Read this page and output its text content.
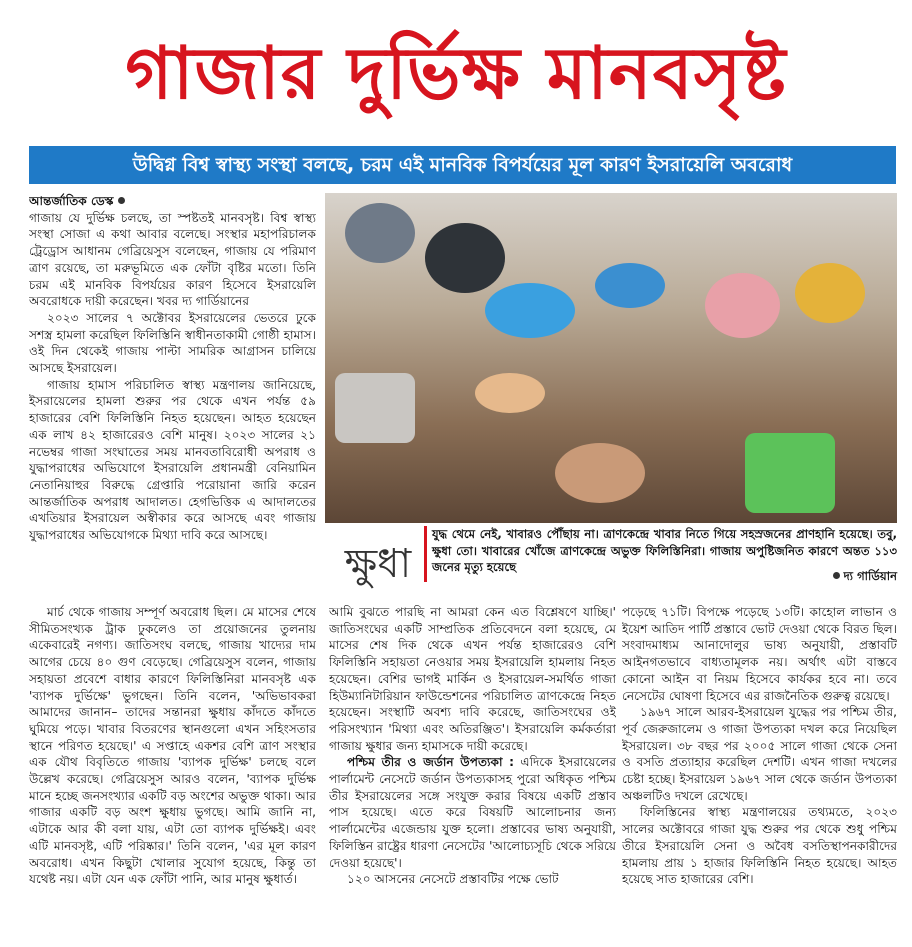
গাজার দুর্ভিক্ষ মানবসৃষ্ট
উদ্বিগ্ন বিশ্ব স্বাস্থ্য সংস্থা বলছে, চরম এই মানবিক বিপর্যয়ের মূল কারণ ইসরায়েলি অবরোধ

আন্তর্জাতিক ডেস্ক

গাজায় যে দুর্ভিক্ষ চলছে, তা স্পষ্টতই মানবসৃষ্ট। বিশ্ব স্বাস্থ্য সংস্থা সোজা এ কথা আবার বলেছে। সংস্থার মহাপরিচালক ট্রেড্রোস আধানম গেব্রিয়েসুস বলেছেন, গাজায় যে পরিমাণ ত্রাণ রয়েছে, তা মরুভূমিতে এক ফোঁটা বৃষ্টির মতো। তিনি চরম এই মানবিক বিপর্যয়ের কারণ হিসেবে ইসরায়েলি অবরোধকে দায়ী করেছেন। খবর দ্য গার্ডিয়ানের

২০২৩ সালের ৭ অক্টোবর ইসরায়েলের ভেতরে ঢুকে সশস্ত্র হামলা করেছিল ফিলিস্তিনি স্বাধীনতাকামী গোষ্ঠী হামাস। ওই দিন থেকেই গাজায় পাল্টা সামরিক আগ্রাসন চালিয়ে আসছে ইসরায়েল।

গাজায় হামাস পরিচালিত স্বাস্থ্য মন্ত্রণালয় জানিয়েছে, ইসরায়েলের হামলা শুরুর পর থেকে এখন পর্যন্ত ৫৯ হাজারের বেশি ফিলিস্তিনি নিহত হয়েছেন। আহত হয়েছেন এক লাখ ৪২ হাজারেরও বেশি মানুষ। ২০২৩ সালের ২১ নভেম্বর গাজা সংঘাতের সময় মানবতাবিরোধী অপরাধ ও যুদ্ধাপরাধের অভিযোগে ইসরায়েলি প্রধানমন্ত্রী বেনিয়ামিন নেতানিয়াহুর বিরুদ্ধে গ্রেপ্তারি পরোয়ানা জারি করেন আন্তর্জাতিক অপরাধ আদালত। হেগভিত্তিক এ আদালতের এখতিয়ার ইসরায়েল অস্বীকার করে আসছে এবং গাজায় যুদ্ধাপরাধের অভিযোগকে মিথ্যা দাবি করে আসছে।

মার্চ থেকে গাজায় সম্পূর্ণ অবরোধ ছিল। মে মাসের শেষে সীমিতসংখ্যক ট্রাক ঢুকলেও তা প্রয়োজনের তুলনায় একেবারেই নগণ্য। জাতিসংঘ বলছে, গাজায় খাদ্যের দাম আগের চেয়ে ৪০ গুণ বেড়েছে। গেব্রিয়েসুস বলেন, গাজায় সহায়তা প্রবেশে বাধার কারণে ফিলিস্তিনিরা মানবসৃষ্ট এক 'ব্যাপক দুর্ভিক্ষে' ভুগছেন। তিনি বলেন, 'অভিভাবকরা আমাদের জানান– তাদের সন্তানরা ক্ষুধায় কাঁদতে কাঁদতে ঘুমিয়ে পড়ে। খাবার বিতরণের স্থানগুলো এখন সহিংসতার স্থানে পরিণত হয়েছে।' এ সপ্তাহে একশর বেশি ত্রাণ সংস্থার এক যৌথ বিবৃতিতে গাজায় 'ব্যাপক দুর্ভিক্ষ' চলছে বলে উল্লেখ করেছে। গেব্রিয়েসুস আরও বলেন, 'ব্যাপক দুর্ভিক্ষ মানে হচ্ছে জনসংখ্যার একটি বড় অংশের অভুক্ত থাকা। আর গাজার একটি বড় অংশ ক্ষুধায় ভুগছে। আমি জানি না, এটাকে আর কী বলা যায়, এটা তো ব্যাপক দুর্ভিক্ষই। এবং এটি মানবসৃষ্ট, এটি পরিষ্কার।' তিনি বলেন, 'এর মূল কারণ অবরোধ। এখন কিছুটা খোলার সুযোগ হয়েছে, কিন্তু তা যথেষ্ট নয়। এটা যেন এক ফোঁটা পানি, আর মানুষ ক্ষুধার্ত।

ক্ষুধা
যুদ্ধ থেমে নেই, খাবারও পৌঁছায় না। ত্রাণকেন্দ্রে খাবার নিতে গিয়ে সহস্রজনের প্রাণহানি হয়েছে। তবু, ক্ষুধা তো। খাবারের খোঁজে ত্রাণকেন্দ্রে অভুক্ত ফিলিস্তিনিরা। গাজায় অপুষ্টিজনিত কারণে অন্তত ১১৩ জনের মৃত্যু হয়েছে
দ্য গার্ডিয়ান

আমি বুঝতে পারছি না আমরা কেন এত বিশ্লেষণে যাচ্ছি।' জাতিসংঘের একটি সাম্প্রতিক প্রতিবেদনে বলা হয়েছে, মে মাসের শেষ দিক থেকে এখন পর্যন্ত হাজারেরও বেশি ফিলিস্তিনি সহায়তা নেওয়ার সময় ইসরায়েলি হামলায় নিহত হয়েছেন। বেশির ভাগই মার্কিন ও ইসরায়েল-সমর্থিত গাজা হিউম্যানিটারিয়ান ফাউন্ডেশনের পরিচালিত ত্রাণকেন্দ্রে নিহত হয়েছেন। সংস্থাটি অবশ্য দাবি করেছে, জাতিসংঘের ওই পরিসংখ্যান 'মিথ্যা এবং অতিরঞ্জিত'। ইসরায়েলি কর্মকর্তারা গাজায় ক্ষুধার জন্য হামাসকে দায়ী করেছে।

পশ্চিম তীর ও জর্ডান উপত্যকা : এদিকে ইসরায়েলের পার্লামেন্ট নেসেটে জর্ডান উপত্যকাসহ পুরো অধিকৃত পশ্চিম তীর ইসরায়েলের সঙ্গে সংযুক্ত করার বিষয়ে একটি প্রস্তাব পাস হয়েছে। এতে করে বিষয়টি আলোচনার জন্য পার্লামেন্টের এজেন্ডায় যুক্ত হলো। প্রস্তাবের ভাষ্য অনুযায়ী, ফিলিস্তিন রাষ্ট্রের ধারণা নেসেটের 'আলোচ্যসূচি থেকে সরিয়ে দেওয়া হয়েছে'।

১২০ আসনের নেসেটে প্রস্তাবটির পক্ষে ভোট

পড়েছে ৭১টি। বিপক্ষে পড়েছে ১৩টি। কাহোল লাভান ও ইয়েশ আতিদ পার্টি প্রস্তাবে ভোট দেওয়া থেকে বিরত ছিল। সংবাদমাধ্যম আনাদোলুর ভাষ্য অনুযায়ী, প্রস্তাবটি আইনগতভাবে বাধ্যতামূলক নয়। অর্থাৎ এটা বাস্তবে কোনো আইন বা নিয়ম হিসেবে কার্যকর হবে না। তবে নেসেটের ঘোষণা হিসেবে এর রাজনৈতিক গুরুত্ব রয়েছে।

১৯৬৭ সালে আরব-ইসরায়েল যুদ্ধের পর পশ্চিম তীর, পূর্ব জেরুজালেম ও গাজা উপত্যকা দখল করে নিয়েছিল ইসরায়েল। ৩৮ বছর পর ২০০৫ সালে গাজা থেকে সেনা ও বসতি প্রত্যাহার করেছিল দেশটি। এখন গাজা দখলের চেষ্টা হচ্ছে। ইসরায়েল ১৯৬৭ সাল থেকে জর্ডান উপত্যকা অঞ্চলটিও দখলে রেখেছে।

ফিলিস্তিনের স্বাস্থ্য মন্ত্রণালয়ের তথ্যমতে, ২০২৩ সালের অক্টোবরে গাজা যুদ্ধ শুরুর পর থেকে শুধু পশ্চিম তীরে ইসরায়েলি সেনা ও অবৈধ বসতিস্থাপনকারীদের হামলায় প্রায় ১ হাজার ফিলিস্তিনি নিহত হয়েছে। আহত হয়েছে সাত হাজারের বেশি।
